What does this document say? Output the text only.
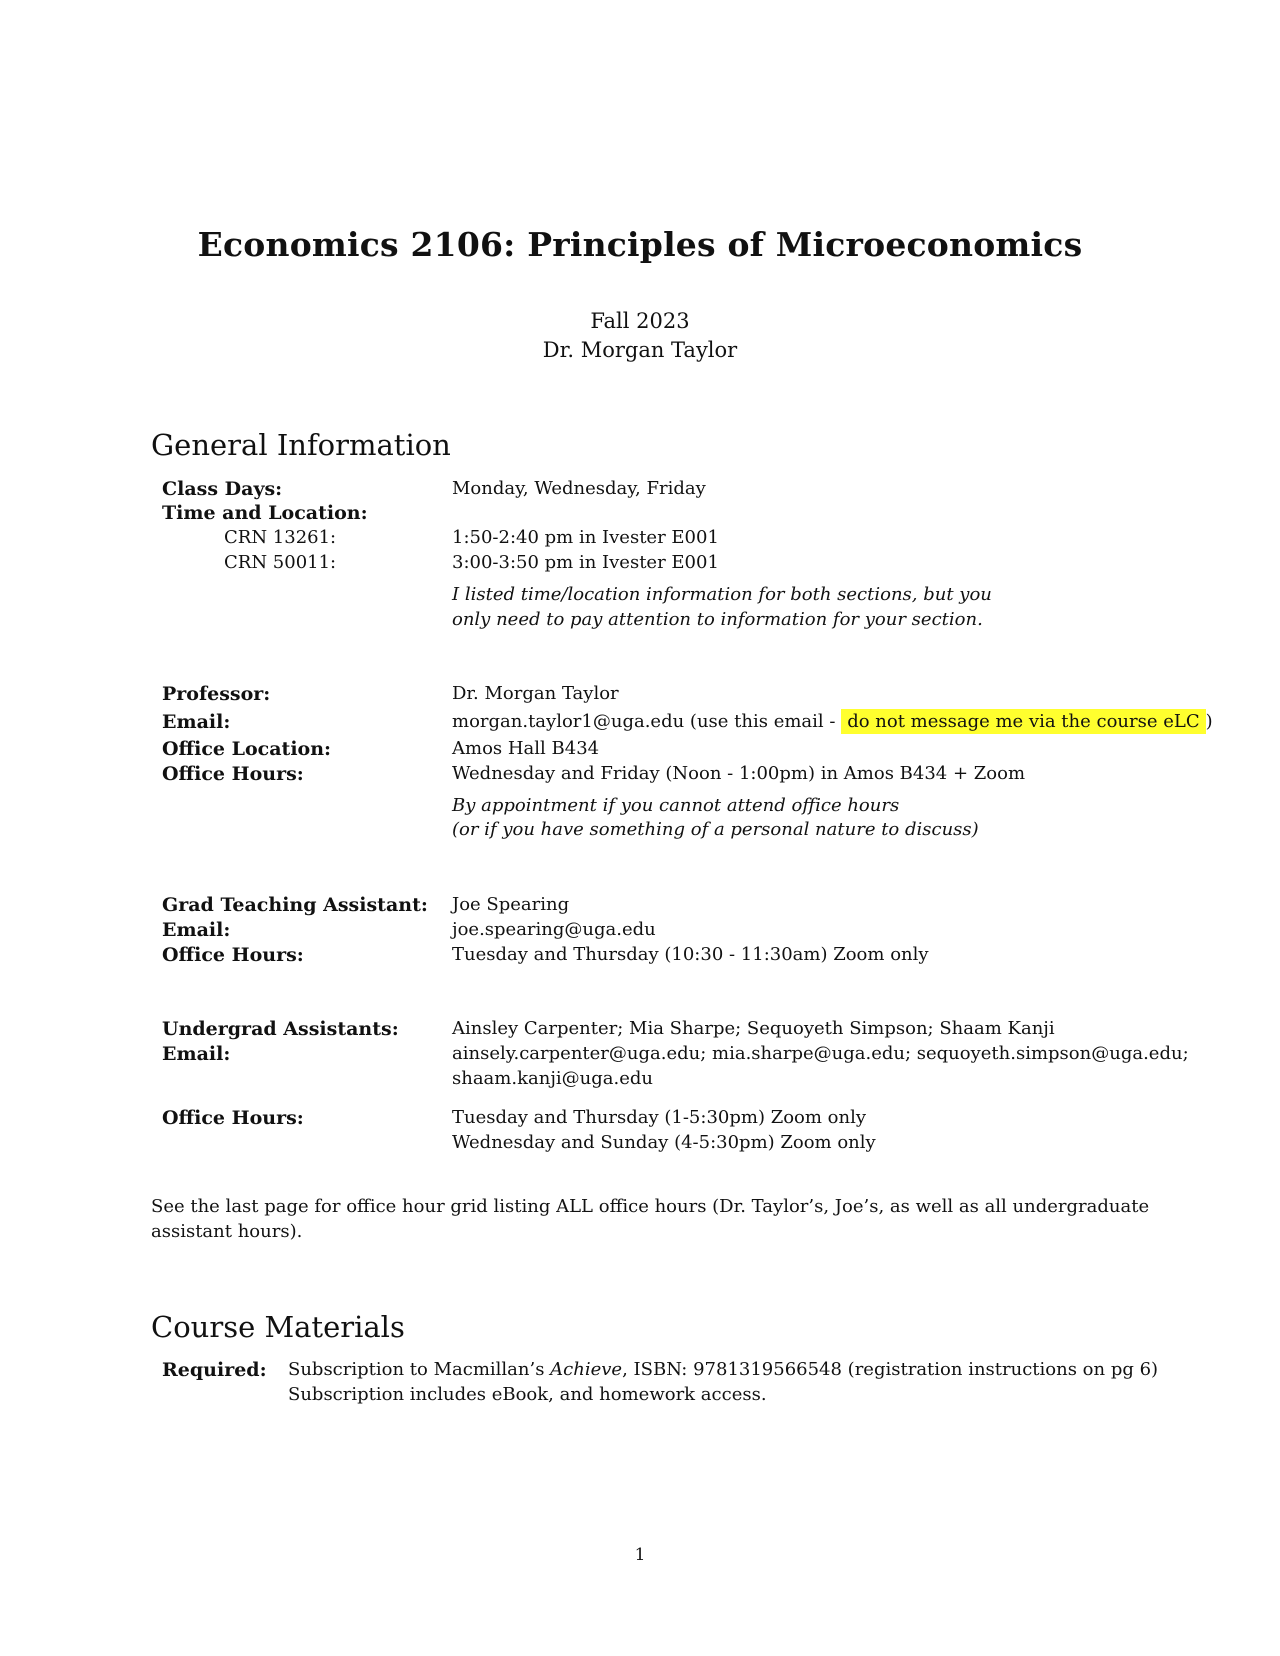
Economics 2106: Principles of Microeconomics
Fall 2023
Dr. Morgan Taylor
General Information
Class Days:	Monday, Wednesday, Friday
Time and Location:
CRN 13261:	1:50-2:40 pm in Ivester E001
CRN 50011:	3:00-3:50 pm in Ivester E001
I listed time/location information for both sections, but you
only need to pay attention to information for your section.
Professor:	Dr. Morgan Taylor
Email:	morgan.taylor1@uga.edu (use this email - do not message me via the course eLC )
Office Location:	Amos Hall B434
Office Hours:	Wednesday and Friday (Noon - 1:00pm) in Amos B434 + Zoom
By appointment if you cannot attend office hours
(or if you have something of a personal nature to discuss)
Grad Teaching Assistant: Joe Spearing
Email:	joe.spearing@uga.edu
Office Hours:	Tuesday and Thursday (10:30 - 11:30am) Zoom only
Undergrad Assistants:	Ainsley Carpenter; Mia Sharpe; Sequoyeth Simpson; Shaam Kanji
Email:	ainsely.carpenter@uga.edu; mia.sharpe@uga.edu; sequoyeth.simpson@uga.edu;
shaam.kanji@uga.edu
Office Hours:	Tuesday and Thursday (1-5:30pm) Zoom only
Wednesday and Sunday (4-5:30pm) Zoom only
See the last page for office hour grid listing ALL office hours (Dr. Taylor’s, Joe’s, as well as all undergraduate
assistant hours).
Course Materials
Required: Subscription to Macmillan’s Achieve, ISBN: 9781319566548 (registration instructions on pg 6)
Subscription includes eBook, and homework access.
1
